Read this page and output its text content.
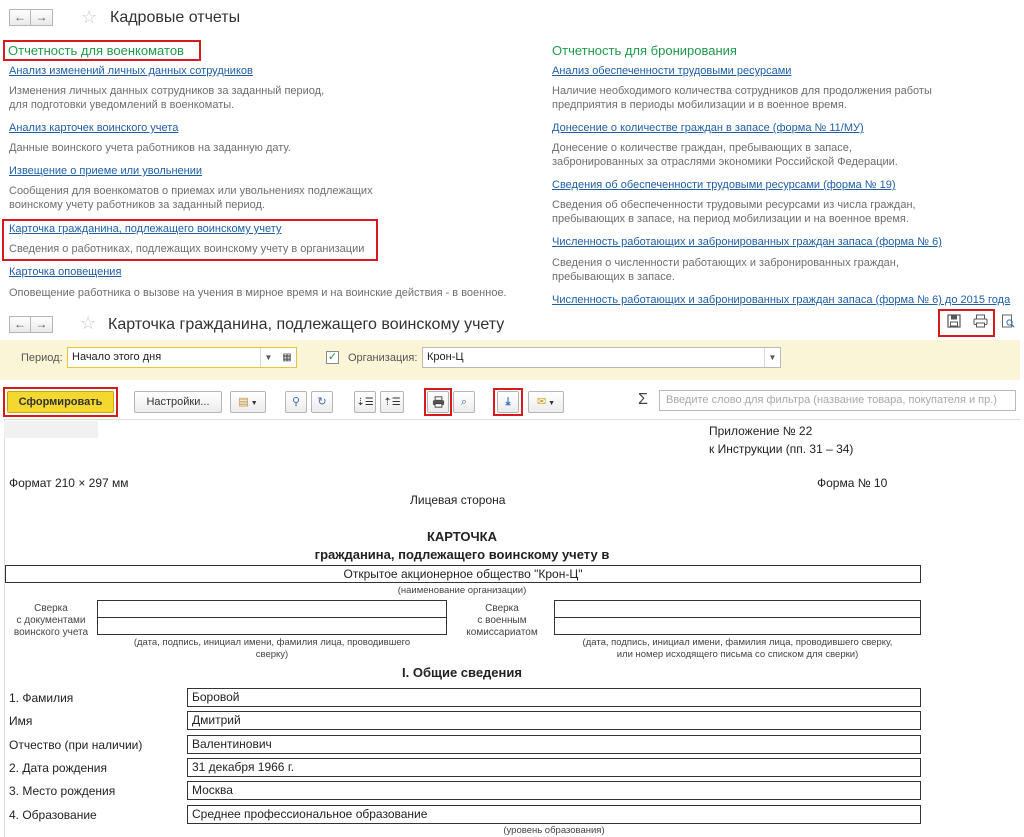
← →	☆ Кадровые отчеты
Отчетность для военкоматов
Анализ изменений личных данных сотрудников
Изменения личных данных сотрудников за заданный период,
для подготовки уведомлений в военкоматы.
Анализ карточек воинского учета
Данные воинского учета работников на заданную дату.
Извещение о приеме или увольнении
Сообщения для военкоматов о приемах или увольнениях подлежащих
воинскому учету работников за заданный период.
Карточка гражданина, подлежащего воинскому учету
Сведения о работниках, подлежащих воинскому учету в организации
Карточка оповещения
Оповещение работника о вызове на учения в мирное время и на воинские действия - в военное.
Отчетность для бронирования
Анализ обеспеченности трудовыми ресурсами
Наличие необходимого количества сотрудников для продолжения работы
предприятия в периоды мобилизации и в военное время.
Донесение о количестве граждан в запасе (форма № 11/МУ)
Донесение о количестве граждан, пребывающих в запасе,
забронированных за отраслями экономики Российской Федерации.
Сведения об обеспеченности трудовыми ресурсами (форма № 19)
Сведения об обеспеченности трудовыми ресурсами из числа граждан,
пребывающих в запасе, на период мобилизации и на военное время.
Численность работающих и забронированных граждан запаса (форма № 6)
Сведения о численности работающих и забронированных граждан,
пребывающих в запасе.
Численность работающих и забронированных граждан запаса (форма № 6) до 2015 года
← →	☆ Карточка гражданина, подлежащего воинскому учету
Период: Начало этого дня	▼ ▦	✓ Организация: Крон-Ц	▼
Сформировать	Настройки...	▤ ▼	⚲	↻	⇣☰ ⇡☰	⌕	⤓	✉ ▼	Σ	Введите слово для фильтра (название товара, покупателя и пр.)
Приложение № 22
к Инструкции (пп. 31 – 34)
Формат 210 × 297 мм	Форма № 10
Лицевая сторона
КАРТОЧКА
гражданина, подлежащего воинскому учету в
Открытое акционерное общество "Крон-Ц"
(наименование организации)
Сверка
с документами
воинского учета
(дата, подпись, инициал имени, фамилия лица, проводившего
сверку)
Сверка
с военным
комиссариатом
(дата, подпись, инициал имени, фамилия лица, проводившего сверку,
или номер исходящего письма со списком для сверки)
I. Общие сведения
1. Фамилия	Боровой
Имя	Дмитрий
Отчество (при наличии)	Валентинович
2. Дата рождения	31 декабря 1966 г.
3. Место рождения	Москва
4. Образование	Среднее профессиональное образование
(уровень образования)
